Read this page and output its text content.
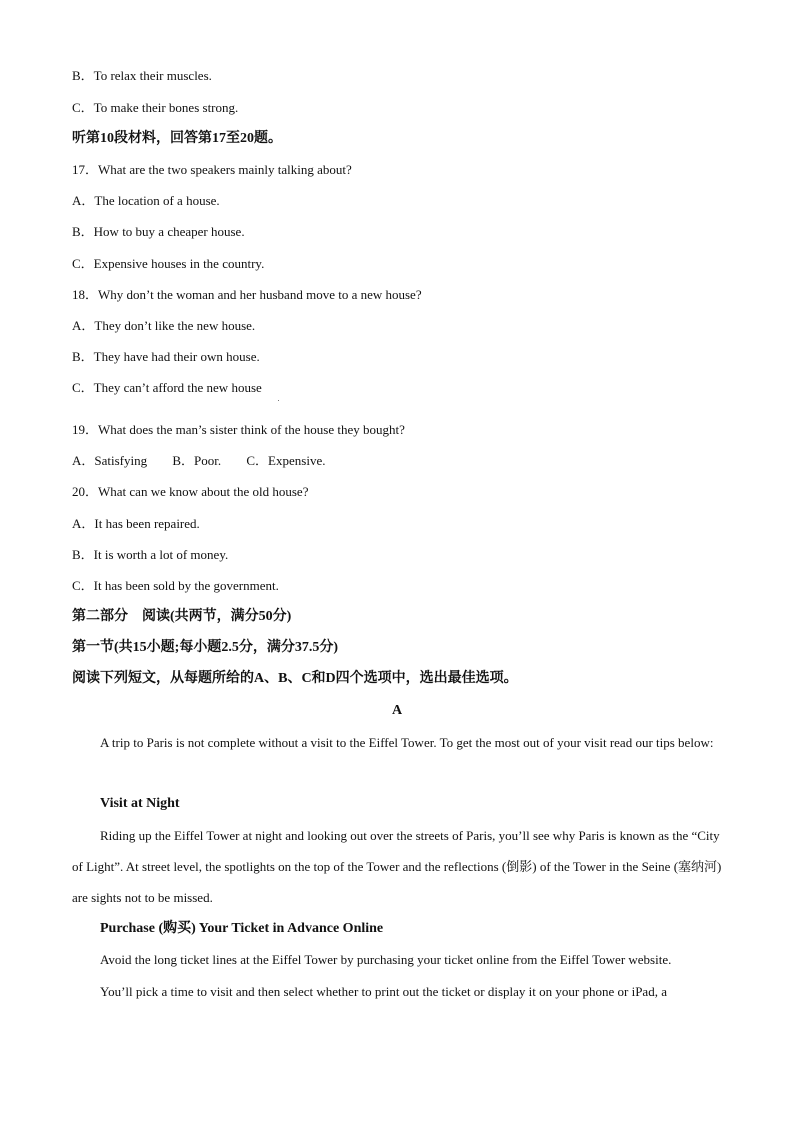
B．To relax their muscles.
C．To make their bones strong.
听第10段材料，回答第17至20题。
17．What are the two speakers mainly talking about?
A．The location of a house.
B．How to buy a cheaper house.
C．Expensive houses in the country.
18．Why don’t the woman and her husband move to a new house?
A．They don’t like the new house.
B．They have had their own house.
C．They can’t afford the new house
19．What does the man’s sister think of the house they bought?
A．Satisfying B．Poor. C．Expensive.
20．What can we know about the old house?
A．It has been repaired.
B．It is worth a lot of money.
C．It has been sold by the government.
第二部分　阅读(共两节，满分50分)
第一节(共15小题;每小题2.5分，满分37.5分)
阅读下列短文，从每题所给的A、B、C和D四个选项中，选出最佳选项。
A
A trip to Paris is not complete without a visit to the Eiffel Tower. To get the most out of your visit read our tips below:
Visit at Night
Riding up the Eiffel Tower at night and looking out over the streets of Paris, you’ll see why Paris is known as the “City of Light”. At street level, the spotlights on the top of the Tower and the reflections (倒影) of the Tower in the Seine (塞纳河) are sights not to be missed.
Purchase (购买) Your Ticket in Advance Online
Avoid the long ticket lines at the Eiffel Tower by purchasing your ticket online from the Eiffel Tower website.
You’ll pick a time to visit and then select whether to print out the ticket or display it on your phone or iPad, a
